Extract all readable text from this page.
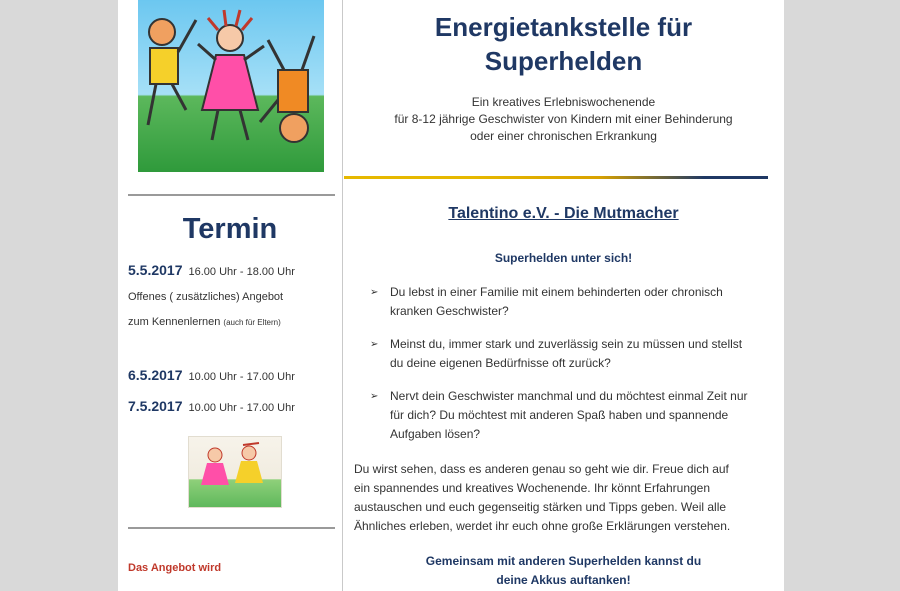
Termin
5.5.2017 16.00 Uhr - 18.00 Uhr
Offenes ( zusätzliches) Angebot
zum Kennenlernen (auch für Eltern)
6.5.2017 10.00 Uhr - 17.00 Uhr
7.5.2017 10.00 Uhr - 17.00 Uhr
Das Angebot wird
Energietankstelle für
Superhelden
Ein kreatives Erlebniswochenende
für 8-12 jährige Geschwister von Kindern mit einer Behinderung
oder einer chronischen Erkrankung
Talentino e.V. - Die Mutmacher
Superhelden unter sich!
➢ Du lebst in einer Familie mit einem behinderten oder chronisch
kranken Geschwister?
➢ Meinst du, immer stark und zuverlässig sein zu müssen und stellst
du deine eigenen Bedürfnisse oft zurück?
➢ Nervt dein Geschwister manchmal und du möchtest einmal Zeit nur
für dich? Du möchtest mit anderen Spaß haben und spannende
Aufgaben lösen?
Du wirst sehen, dass es anderen genau so geht wie dir. Freue dich auf
ein spannendes und kreatives Wochenende. Ihr könnt Erfahrungen
austauschen und euch gegenseitig stärken und Tipps geben. Weil alle
Ähnliches erleben, werdet ihr euch ohne große Erklärungen verstehen.
Gemeinsam mit anderen Superhelden kannst du
deine Akkus auftanken!
